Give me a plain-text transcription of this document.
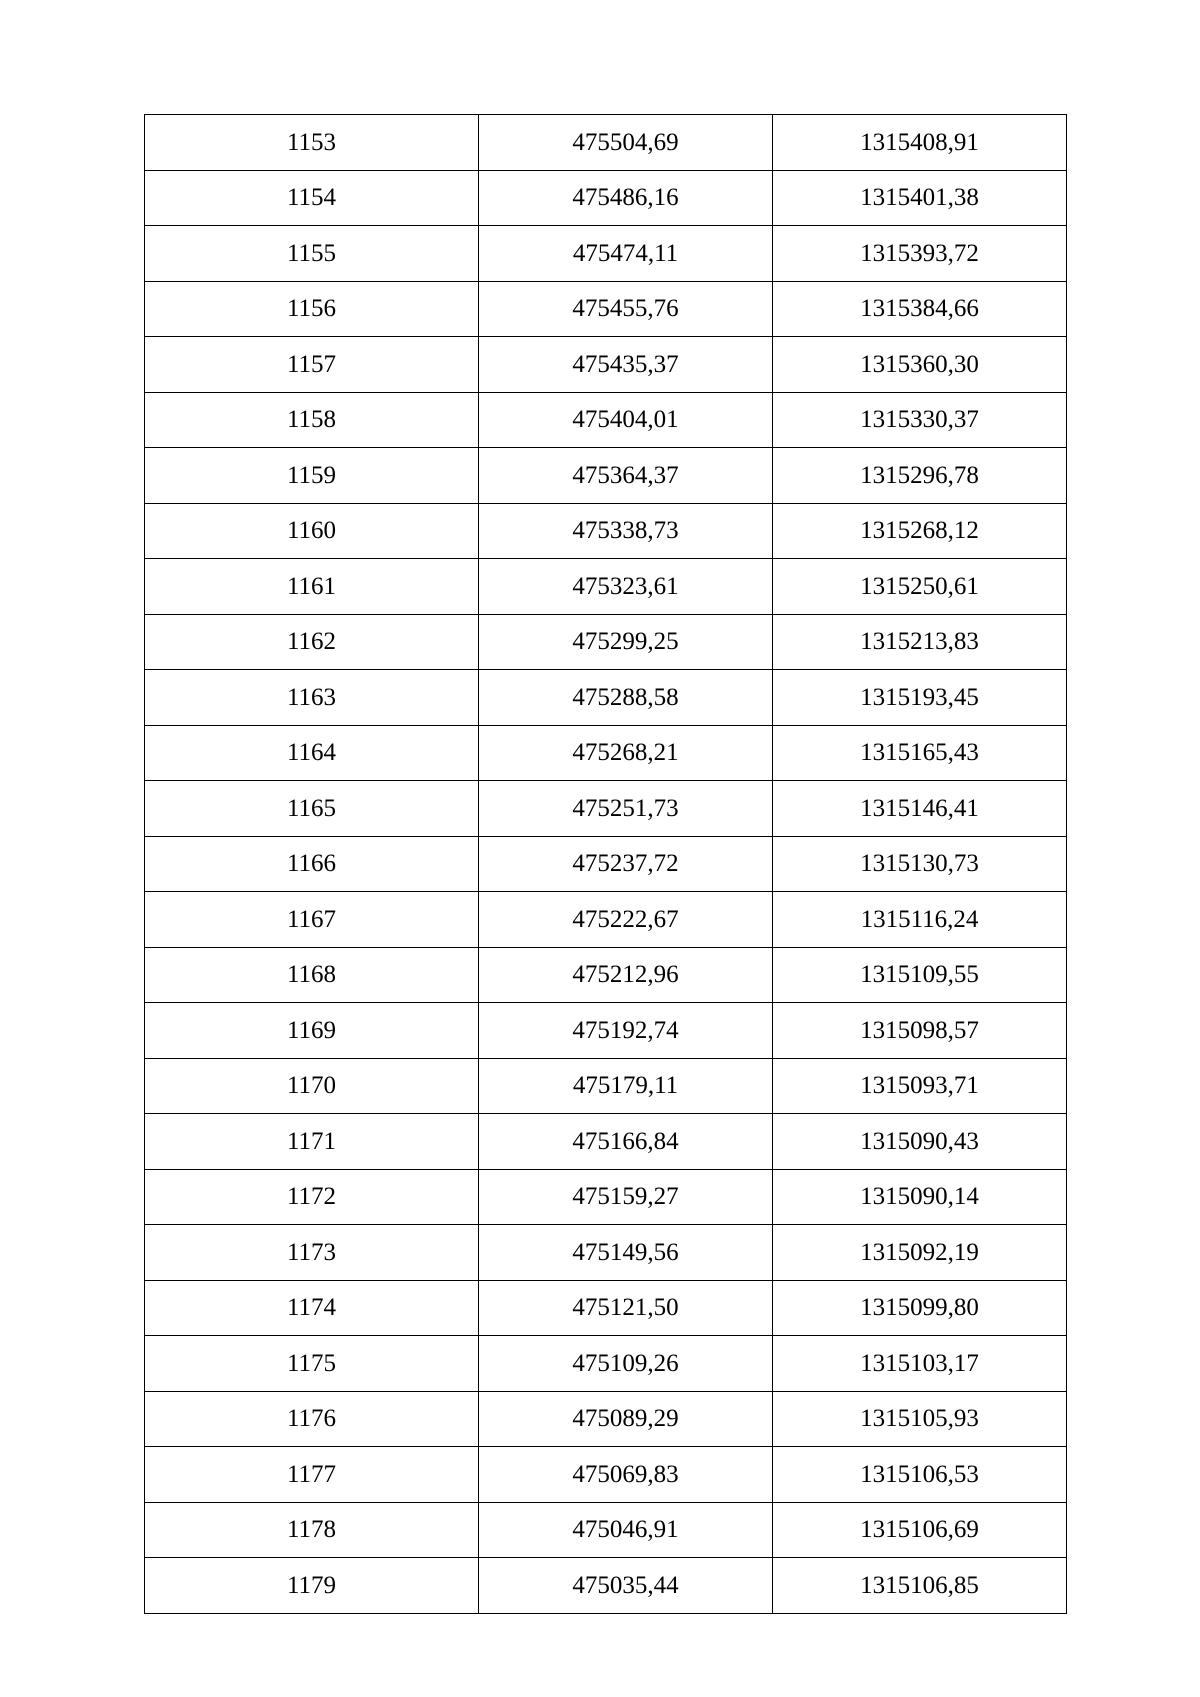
1153	475504,69	1315408,91
1154	475486,16	1315401,38
1155	475474,11	1315393,72
1156	475455,76	1315384,66
1157	475435,37	1315360,30
1158	475404,01	1315330,37
1159	475364,37	1315296,78
1160	475338,73	1315268,12
1161	475323,61	1315250,61
1162	475299,25	1315213,83
1163	475288,58	1315193,45
1164	475268,21	1315165,43
1165	475251,73	1315146,41
1166	475237,72	1315130,73
1167	475222,67	1315116,24
1168	475212,96	1315109,55
1169	475192,74	1315098,57
1170	475179,11	1315093,71
1171	475166,84	1315090,43
1172	475159,27	1315090,14
1173	475149,56	1315092,19
1174	475121,50	1315099,80
1175	475109,26	1315103,17
1176	475089,29	1315105,93
1177	475069,83	1315106,53
1178	475046,91	1315106,69
1179	475035,44	1315106,85
